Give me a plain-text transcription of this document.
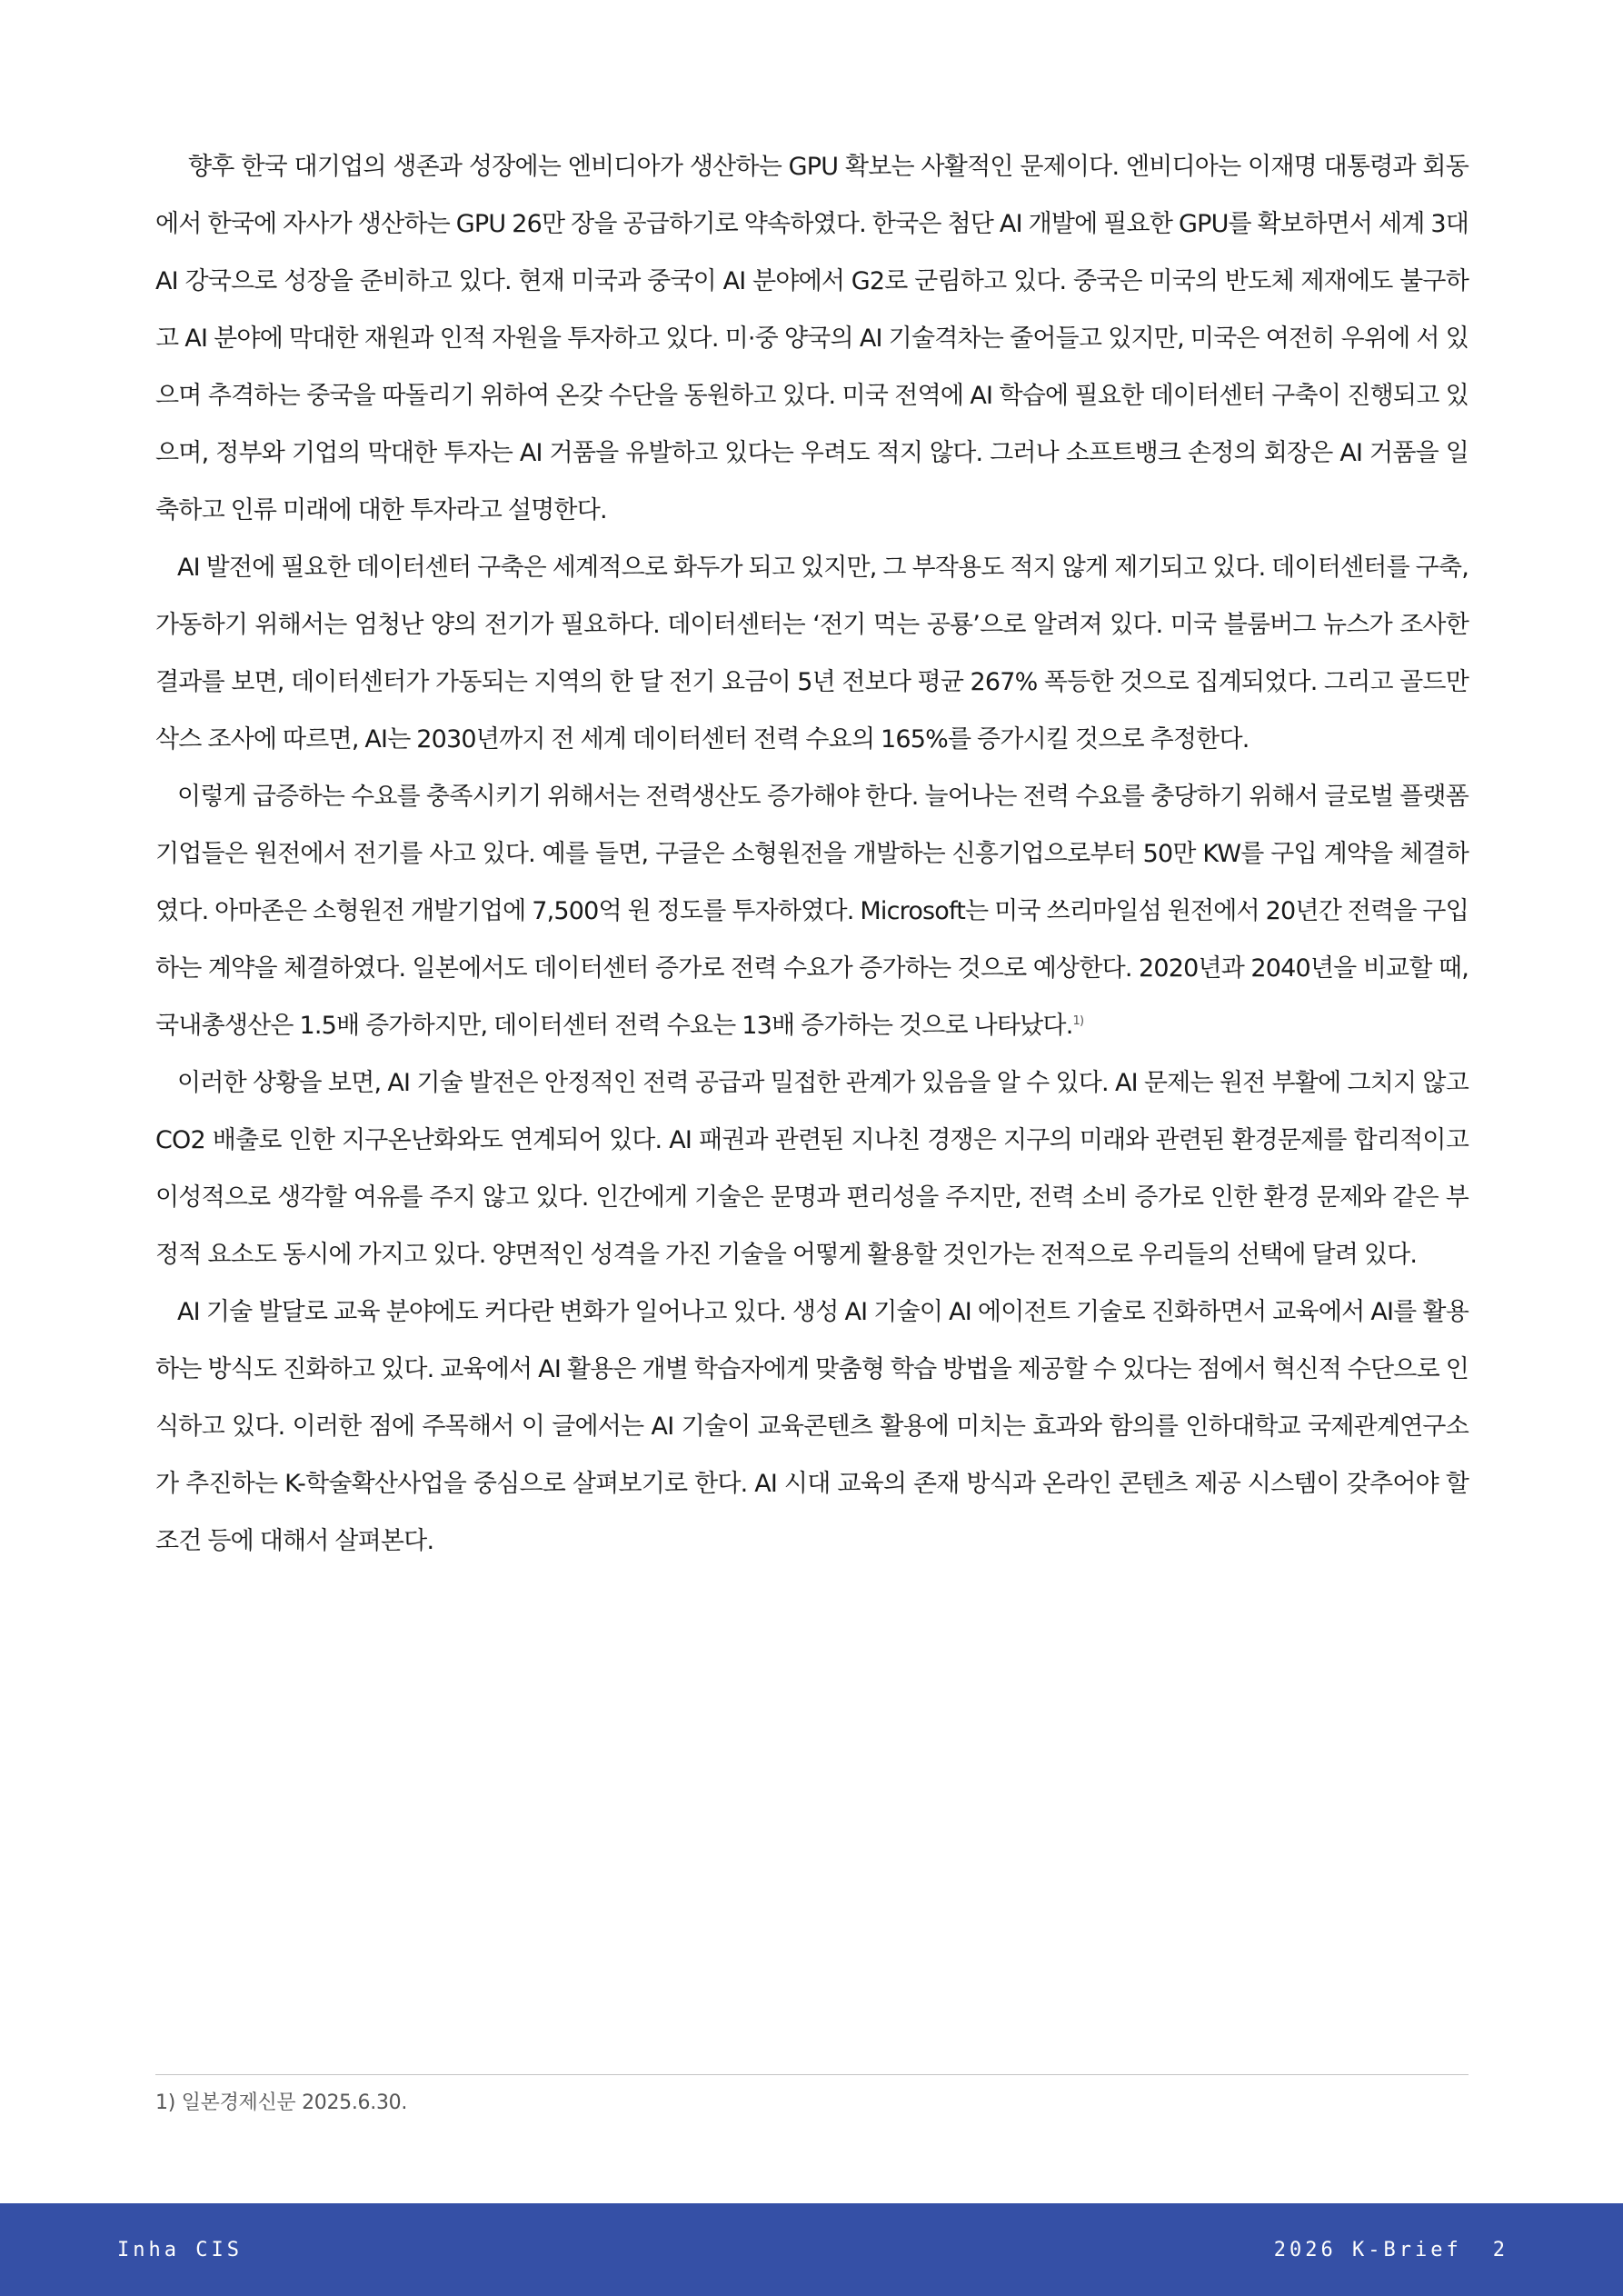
향후 한국 대기업의 생존과 성장에는 엔비디아가 생산하는 GPU 확보는 사활적인 문제이다. 엔비디아는 이재명 대통령과 회동에서 한국에 자사가 생산하는 GPU 26만 장을 공급하기로 약속하였다. 한국은 첨단 AI 개발에 필요한 GPU를 확보하면서 세계 3대 AI 강국으로 성장을 준비하고 있다. 현재 미국과 중국이 AI 분야에서 G2로 군림하고 있다. 중국은 미국의 반도체 제재에도 불구하고 AI 분야에 막대한 재원과 인적 자원을 투자하고 있다. 미·중 양국의 AI 기술격차는 줄어들고 있지만, 미국은 여전히 우위에 서 있으며 추격하는 중국을 따돌리기 위하여 온갖 수단을 동원하고 있다. 미국 전역에 AI 학습에 필요한 데이터센터 구축이 진행되고 있으며, 정부와 기업의 막대한 투자는 AI 거품을 유발하고 있다는 우려도 적지 않다. 그러나 소프트뱅크 손정의 회장은 AI 거품을 일축하고 인류 미래에 대한 투자라고 설명한다.

AI 발전에 필요한 데이터센터 구축은 세계적으로 화두가 되고 있지만, 그 부작용도 적지 않게 제기되고 있다. 데이터센터를 구축, 가동하기 위해서는 엄청난 양의 전기가 필요하다. 데이터센터는 ‘전기 먹는 공룡’으로 알려져 있다. 미국 블룸버그 뉴스가 조사한 결과를 보면, 데이터센터가 가동되는 지역의 한 달 전기 요금이 5년 전보다 평균 267% 폭등한 것으로 집계되었다. 그리고 골드만삭스 조사에 따르면, AI는 2030년까지 전 세계 데이터센터 전력 수요의 165%를 증가시킬 것으로 추정한다.

이렇게 급증하는 수요를 충족시키기 위해서는 전력생산도 증가해야 한다. 늘어나는 전력 수요를 충당하기 위해서 글로벌 플랫폼 기업들은 원전에서 전기를 사고 있다. 예를 들면, 구글은 소형원전을 개발하는 신흥기업으로부터 50만 KW를 구입 계약을 체결하였다. 아마존은 소형원전 개발기업에 7,500억 원 정도를 투자하였다. Microsoft는 미국 쓰리마일섬 원전에서 20년간 전력을 구입하는 계약을 체결하였다. 일본에서도 데이터센터 증가로 전력 수요가 증가하는 것으로 예상한다. 2020년과 2040년을 비교할 때, 국내총생산은 1.5배 증가하지만, 데이터센터 전력 수요는 13배 증가하는 것으로 나타났다.$^{1)}$

이러한 상황을 보면, AI 기술 발전은 안정적인 전력 공급과 밀접한 관계가 있음을 알 수 있다. AI 문제는 원전 부활에 그치지 않고 CO2 배출로 인한 지구온난화와도 연계되어 있다. AI 패권과 관련된 지나친 경쟁은 지구의 미래와 관련된 환경문제를 합리적이고 이성적으로 생각할 여유를 주지 않고 있다. 인간에게 기술은 문명과 편리성을 주지만, 전력 소비 증가로 인한 환경 문제와 같은 부정적 요소도 동시에 가지고 있다. 양면적인 성격을 가진 기술을 어떻게 활용할 것인가는 전적으로 우리들의 선택에 달려 있다.

AI 기술 발달로 교육 분야에도 커다란 변화가 일어나고 있다. 생성 AI 기술이 AI 에이전트 기술로 진화하면서 교육에서 AI를 활용하는 방식도 진화하고 있다. 교육에서 AI 활용은 개별 학습자에게 맞춤형 학습 방법을 제공할 수 있다는 점에서 혁신적 수단으로 인식하고 있다. 이러한 점에 주목해서 이 글에서는 AI 기술이 교육콘텐츠 활용에 미치는 효과와 함의를 인하대학교 국제관계연구소가 추진하는 K-학술확산사업을 중심으로 살펴보기로 한다. AI 시대 교육의 존재 방식과 온라인 콘텐츠 제공 시스템이 갖추어야 할 조건 등에 대해서 살펴본다.

1) 일본경제신문 2025.6.30.
Inha CIS	2026 K-Brief 2
